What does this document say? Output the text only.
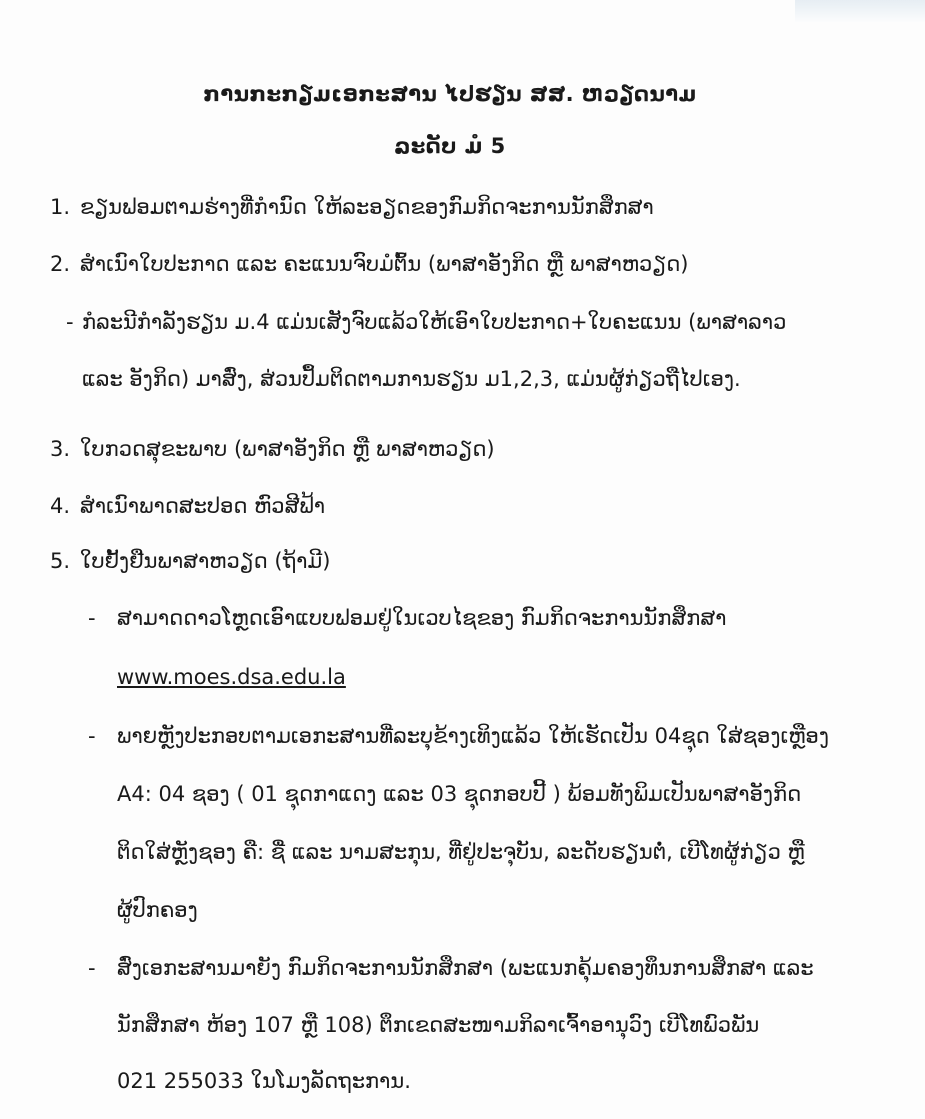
ການກະກຽມເອກະສານ ໄປຮຽນ ສສ. ຫວຽດນາມ
ລະດັບ ມໍ 5
1. ຂຽນຟອມຕາມຮ່າງທີ່ກຳນົດ ໃຫ້ລະອຽດຂອງກົມກິດຈະການນັກສຶກສາ
2. ສຳເນົາໃບປະກາດ ແລະ ຄະແນນຈົບມໍຕົ້ນ (ພາສາອັງກິດ ຫຼື ພາສາຫວຽດ)
- ກໍລະນີກຳລັງຮຽນ ມ.4 ແມ່ນເສັງຈົບແລ້ວໃຫ້ເອົາໃບປະກາດ+ໃບຄະແນນ (ພາສາລາວ
ແລະ ອັງກິດ) ມາສົ່ງ, ສ່ວນປຶ້ມຕິດຕາມການຮຽນ ມ1,2,3, ແມ່ນຜູ້ກ່ຽວຖືໄປເອງ.
3. ໃບກວດສຸຂະພາບ (ພາສາອັງກິດ ຫຼື ພາສາຫວຽດ)
4. ສຳເນົາພາດສະປອດ ຫົວສີຟ້າ
5. ໃບຢັ້ງຢືນພາສາຫວຽດ (ຖ້າມີ)
- ສາມາດດາວໂຫຼດເອົາແບບຟອມຢູ່ໃນເວບໄຊຂອງ ກົມກິດຈະການນັກສຶກສາ
www.moes.dsa.edu.la
- ພາຍຫຼັງປະກອບຕາມເອກະສານທີ່ລະບຸຂ້າງເທິງແລ້ວ ໃຫ້ເຮັດເປັນ 04ຊຸດ ໃສ່ຊອງເຫຼືອງ
A4: 04 ຊອງ ( 01 ຊຸດກາແດງ ແລະ 03 ຊຸດກອບປີ້ ) ພ້ອມທັງພິມເປັນພາສາອັງກິດ
ຕິດໃສ່ຫຼັງຊອງ ຄື: ຊື່ ແລະ ນາມສະກຸນ, ທີ່ຢູ່ປະຈຸບັນ, ລະດັບຮຽນຕໍ່, ເບີໂທຜູ້ກ່ຽວ ຫຼື
ຜູ້ປົກຄອງ
- ສົ່ງເອກະສານມາຍັງ ກົມກິດຈະການນັກສຶກສາ (ພະແນກຄຸ້ມຄອງທຶນການສຶກສາ ແລະ
ນັກສຶກສາ ຫ້ອງ 107 ຫຼື 108) ຕຶກເຂດສະໜາມກິລາເຈົ້າອານຸວົງ ເບີໂທພົວພັນ
021 255033 ໃນໂມງລັດຖະການ.
